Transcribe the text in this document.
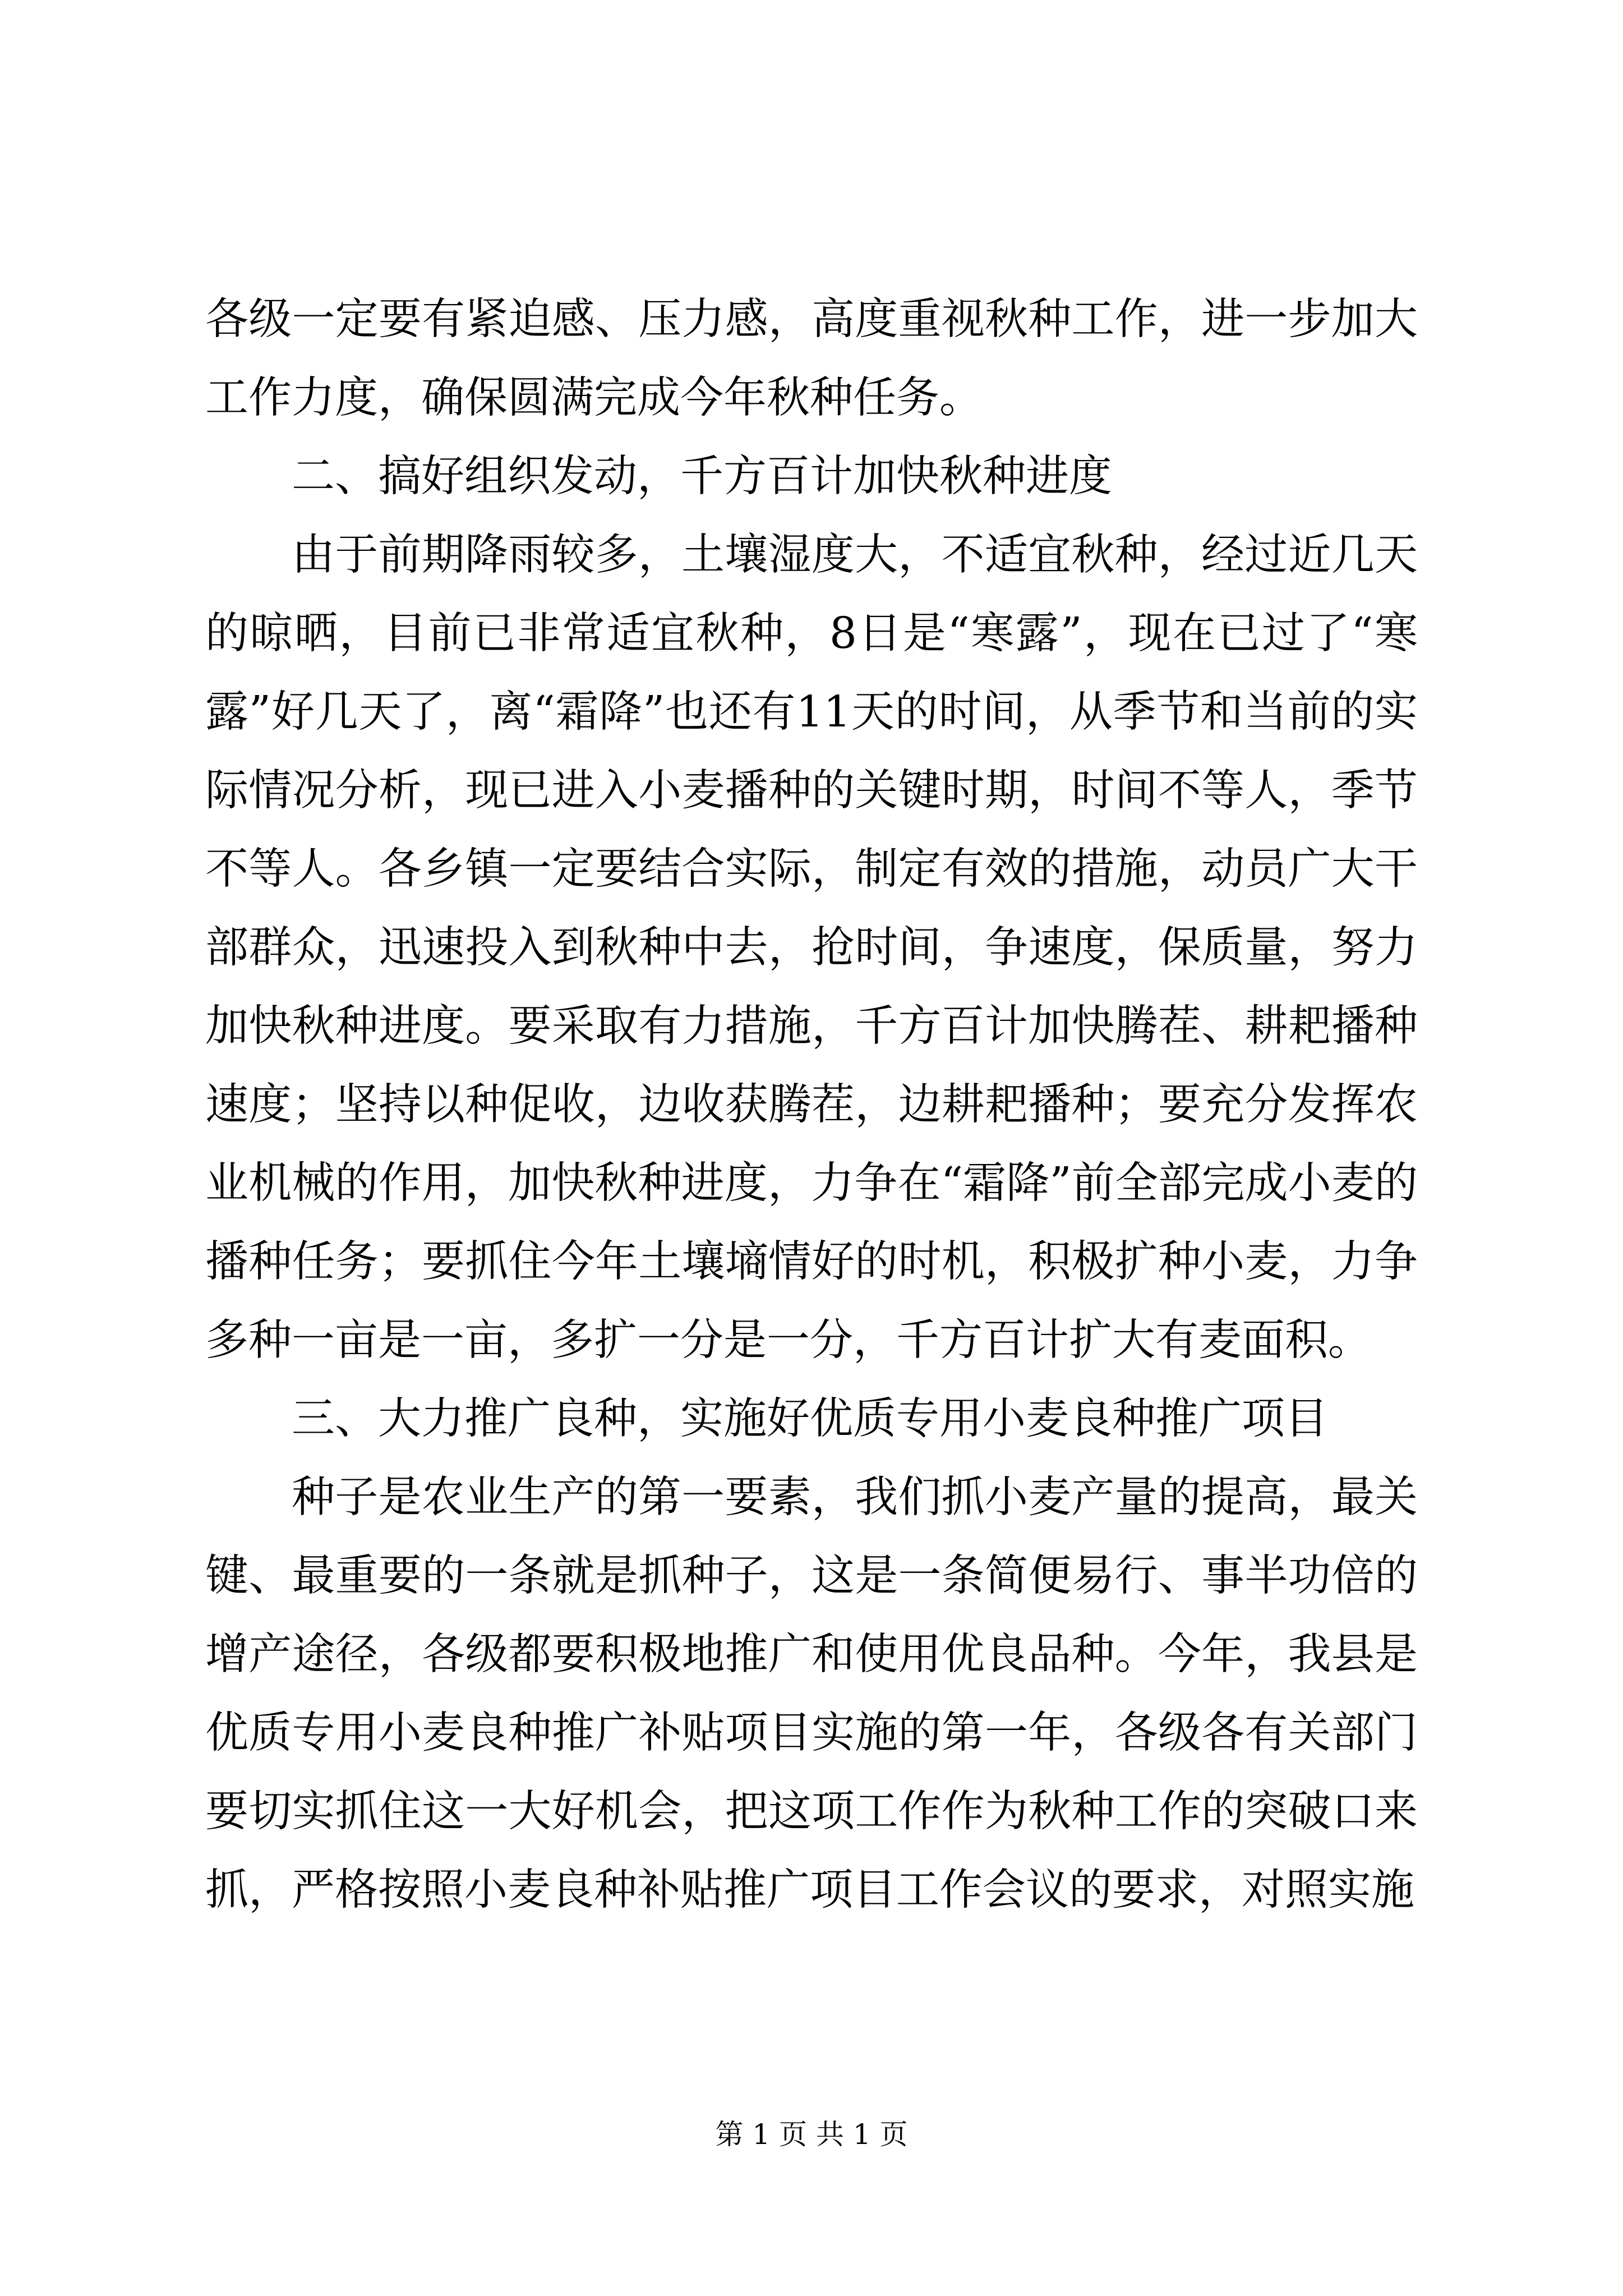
各级一定要有紧迫感、压力感，高度重视秋种工作，进一步加大工作力度，确保圆满完成今年秋种任务。

二、搞好组织发动，千方百计加快秋种进度

由于前期降雨较多，土壤湿度大，不适宜秋种，经过近几天的晾晒，目前已非常适宜秋种，8日是“寒露”，现在已过了“寒露”好几天了，离“霜降”也还有11天的时间，从季节和当前的实际情况分析，现已进入小麦播种的关键时期，时间不等人，季节不等人。各乡镇一定要结合实际，制定有效的措施，动员广大干部群众，迅速投入到秋种中去，抢时间，争速度，保质量，努力加快秋种进度。要采取有力措施，千方百计加快腾茬、耕耙播种速度；坚持以种促收，边收获腾茬，边耕耙播种；要充分发挥农业机械的作用，加快秋种进度，力争在“霜降”前全部完成小麦的播种任务；要抓住今年土壤墒情好的时机，积极扩种小麦，力争多种一亩是一亩，多扩一分是一分，千方百计扩大有麦面积。

三、大力推广良种，实施好优质专用小麦良种推广项目

种子是农业生产的第一要素，我们抓小麦产量的提高，最关键、最重要的一条就是抓种子，这是一条简便易行、事半功倍的增产途径，各级都要积极地推广和使用优良品种。今年，我县是优质专用小麦良种推广补贴项目实施的第一年，各级各有关部门要切实抓住这一大好机会，把这项工作作为秋种工作的突破口来抓，严格按照小麦良种补贴推广项目工作会议的要求，对照实施

第 1 页 共 1 页
